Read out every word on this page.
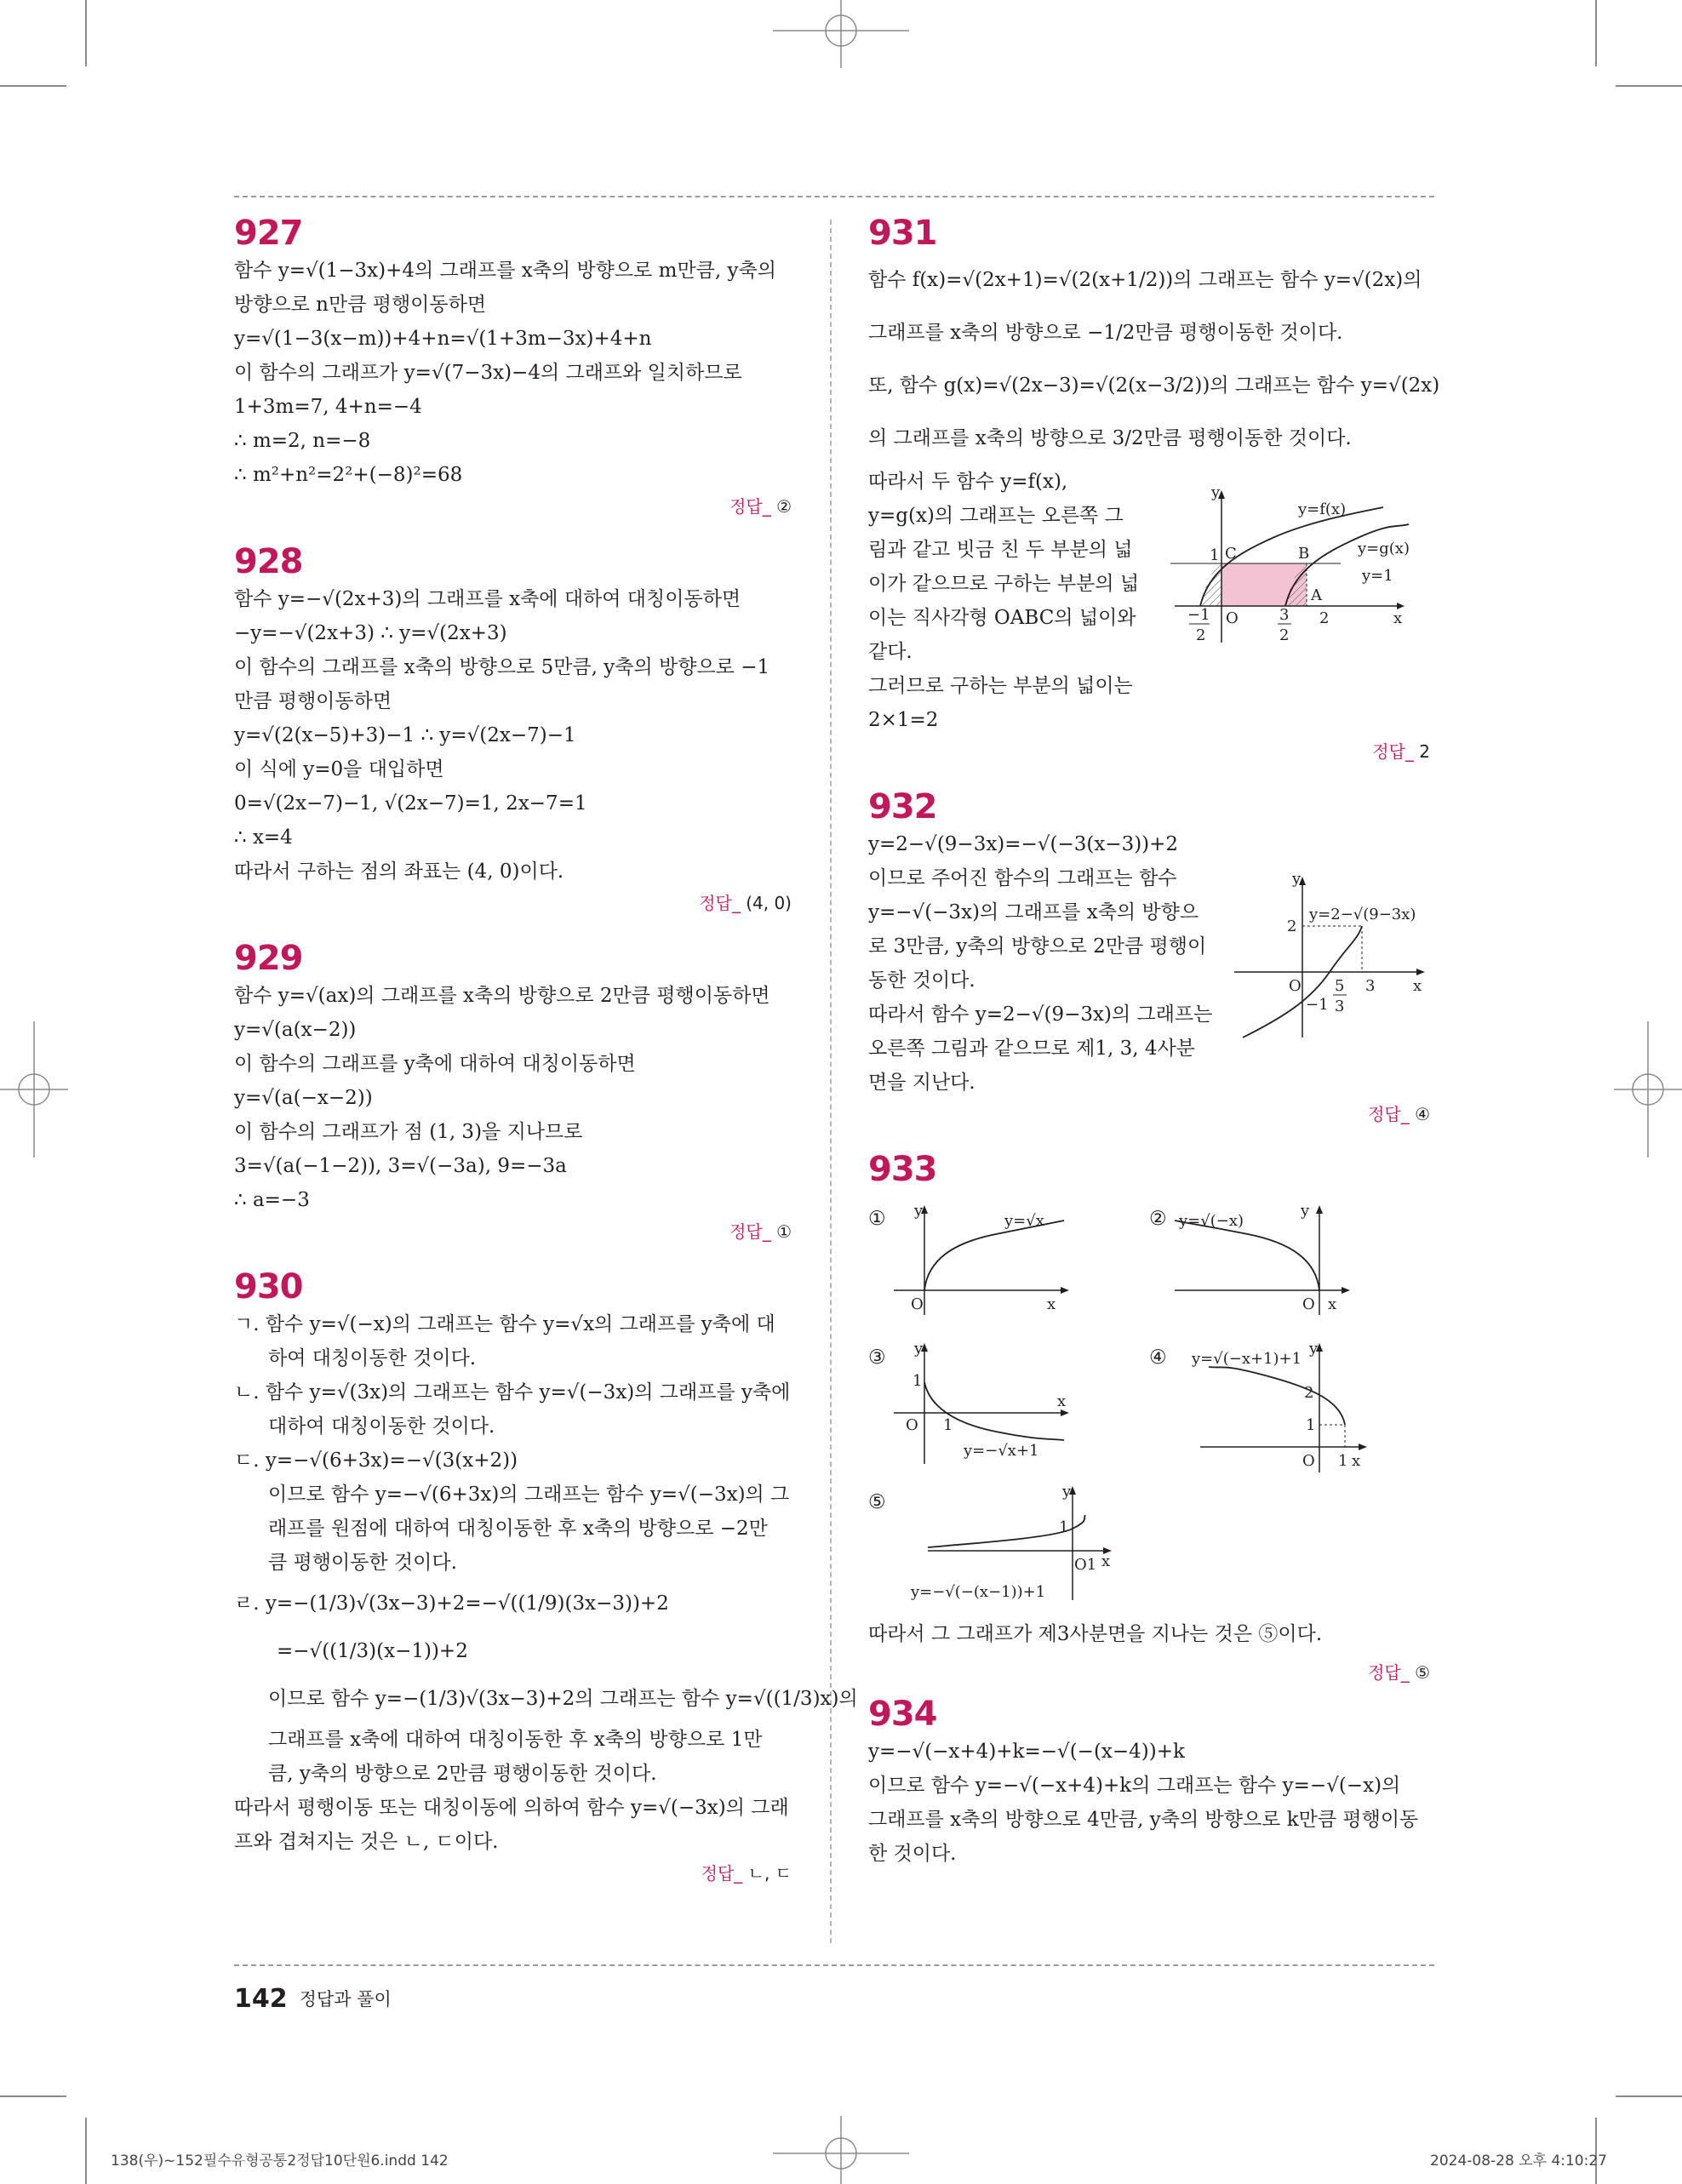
927
함수 y=√(1−3x)+4의 그래프를 x축의 방향으로 m만큼, y축의
방향으로 n만큼 평행이동하면
y=√(1−3(x−m))+4+n=√(1+3m−3x)+4+n
이 함수의 그래프가 y=√(7−3x)−4의 그래프와 일치하므로
1+3m=7, 4+n=−4
∴ m=2, n=−8
∴ m²+n²=2²+(−8)²=68
정답_ ②
928
함수 y=−√(2x+3)의 그래프를 x축에 대하여 대칭이동하면
−y=−√(2x+3) ∴ y=√(2x+3)
이 함수의 그래프를 x축의 방향으로 5만큼, y축의 방향으로 −1
만큼 평행이동하면
y=√(2(x−5)+3)−1 ∴ y=√(2x−7)−1
이 식에 y=0을 대입하면
0=√(2x−7)−1, √(2x−7)=1, 2x−7=1
∴ x=4
따라서 구하는 점의 좌표는 (4, 0)이다.
정답_ (4, 0)
929
함수 y=√(ax)의 그래프를 x축의 방향으로 2만큼 평행이동하면
y=√(a(x−2))
이 함수의 그래프를 y축에 대하여 대칭이동하면
y=√(a(−x−2))
이 함수의 그래프가 점 (1, 3)을 지나므로
3=√(a(−1−2)), 3=√(−3a), 9=−3a
∴ a=−3
정답_ ①
930
ㄱ. 함수 y=√(−x)의 그래프는 함수 y=√x의 그래프를 y축에 대
하여 대칭이동한 것이다.
ㄴ. 함수 y=√(3x)의 그래프는 함수 y=√(−3x)의 그래프를 y축에
대하여 대칭이동한 것이다.
ㄷ. y=−√(6+3x)=−√(3(x+2))
이므로 함수 y=−√(6+3x)의 그래프는 함수 y=√(−3x)의 그
래프를 원점에 대하여 대칭이동한 후 x축의 방향으로 −2만
큼 평행이동한 것이다.
ㄹ. y=−(1/3)√(3x−3)+2=−√((1/9)(3x−3))+2
=−√((1/3)(x−1))+2
이므로 함수 y=−(1/3)√(3x−3)+2의 그래프는 함수 y=√((1/3)x)의
그래프를 x축에 대하여 대칭이동한 후 x축의 방향으로 1만
큼, y축의 방향으로 2만큼 평행이동한 것이다.
따라서 평행이동 또는 대칭이동에 의하여 함수 y=√(−3x)의 그래
프와 겹쳐지는 것은 ㄴ, ㄷ이다.
정답_ ㄴ, ㄷ
931
함수 f(x)=√(2x+1)=√(2(x+1/2))의 그래프는 함수 y=√(2x)의
그래프를 x축의 방향으로 −1/2만큼 평행이동한 것이다.
또, 함수 g(x)=√(2x−3)=√(2(x−3/2))의 그래프는 함수 y=√(2x)
의 그래프를 x축의 방향으로 3/2만큼 평행이동한 것이다.
따라서 두 함수 y=f(x),
y=g(x)의 그래프는 오른쪽 그
림과 같고 빗금 친 두 부분의 넓
이가 같으므로 구하는 부분의 넓
이는 직사각형 OABC의 넓이와
같다.
그러므로 구하는 부분의 넓이는
2×1=2
y
x
O
y=f(x)
y=g(x)
y=1
A
B
C
1
−1
2
3
2
2
정답_ 2
932
y=2−√(9−3x)=−√(−3(x−3))+2
이므로 주어진 함수의 그래프는 함수
y=−√(−3x)의 그래프를 x축의 방향으
로 3만큼, y축의 방향으로 2만큼 평행이
동한 것이다.
따라서 함수 y=2−√(9−3x)의 그래프는
오른쪽 그림과 같으므로 제1, 3, 4사분
면을 지난다.
y
x
O
y=2−√(9−3x)
2
−1
5
3
3
정답_ ④
933
① y
x
O
y=√x	②	y
x
O
y=√(−x)
③ y
x
O
1
1
y=−√x+1
④	y
x
O
2
1
1
y=√(−x+1)+1
⑤	y
x
O1
1
y=−√(−(x−1))+1
따라서 그 그래프가 제3사분면을 지나는 것은 ⑤이다.
정답_ ⑤
934
y=−√(−x+4)+k=−√(−(x−4))+k
이므로 함수 y=−√(−x+4)+k의 그래프는 함수 y=−√(−x)의
그래프를 x축의 방향으로 4만큼, y축의 방향으로 k만큼 평행이동
한 것이다.
142 정답과 풀이
138(우)~152필수유형공통2정답10단원6.indd 142	2024-08-28 오후 4:10:27
